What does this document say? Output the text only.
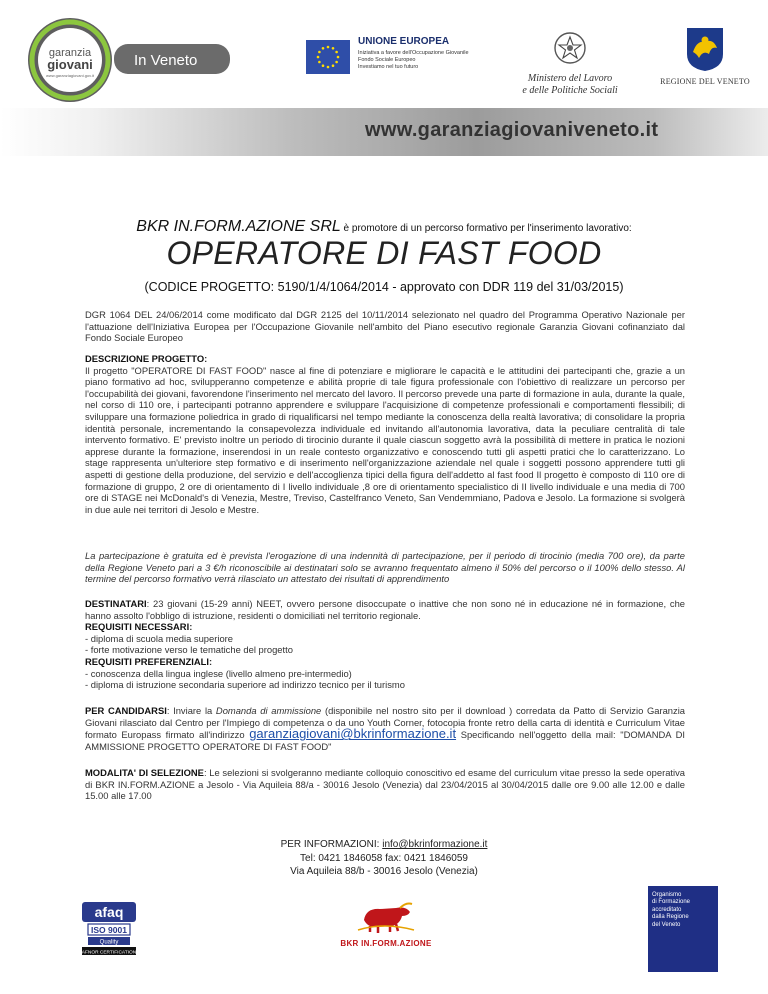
garanzia
giovani
www.garanziagiovani.gov.it
In Veneto
UNIONE EUROPEA
Iniziativa a favore dell'Occupazione Giovanile
Fondo Sociale Europeo
Investiamo nel tuo futuro
Ministero del Lavoro
e delle Politiche Sociali
REGIONE DEL VENETO
www.garanziagiovaniveneto.it
BKR IN.FORM.AZIONE SRL è promotore di un percorso formativo per l'inserimento lavorativo:
OPERATORE DI FAST FOOD
(CODICE PROGETTO: 5190/1/4/1064/2014 - approvato con DDR 119 del 31/03/2015)
DGR 1064 DEL 24/06/2014 come modificato dal DGR 2125 del 10/11/2014 selezionato nel quadro del Programma Operativo Nazionale per l'attuazione dell'Iniziativa Europea per l'Occupazione Giovanile nell'ambito del Piano esecutivo regionale Garanzia Giovani cofinanziato dal Fondo Sociale Europeo
DESCRIZIONE PROGETTO:
Il progetto "OPERATORE DI FAST FOOD" nasce al fine di potenziare e migliorare le capacità e le attitudini dei partecipanti che, grazie a un piano formativo ad hoc, svilupperanno competenze e abilità proprie di tale figura professionale con l'obiettivo di realizzare un percorso per l'occupabilità dei giovani, favorendone l'inserimento nel mercato del lavoro. Il percorso prevede una parte di formazione in aula, durante la quale, nel corso di 110 ore, i partecipanti potranno apprendere e sviluppare l'acquisizione di competenze professionali e comportamenti flessibili; di sviluppare una formazione poliedrica in grado di riqualificarsi nel tempo mediante la conoscenza della realtà lavorativa; di consolidare la propria identità personale, incrementando la consapevolezza individuale ed invitando all'autonomia lavorativa, data la peculiare centralità di tale intervento formativo. E' previsto inoltre un periodo di tirocinio durante il quale ciascun soggetto avrà la possibilità di mettere in pratica le nozioni apprese durante la formazione, inserendosi in un reale contesto organizzativo e conoscendo tutti gli aspetti pratici che lo caratterizzano. Lo stage rappresenta un'ulteriore step formativo e di inserimento nell'organizzazione aziendale nel quale i soggetti possono apprendere tutti gli aspetti di gestione della produzione, del servizio e dell'accoglienza tipici della figura dell'addetto al fast food Il progetto è composto di 110 ore di formazione di gruppo, 2 ore di orientamento di I livello individuale ,8 ore di orientamento specialistico di II livello individuale e una media di 700 ore di STAGE nei McDonald's di Venezia, Mestre, Treviso, Castelfranco Veneto, San Vendemmiano, Padova e Jesolo. La formazione si svolgerà in due aule nei territori di Jesolo e Mestre.
La partecipazione è gratuita ed è prevista l'erogazione di una indennità di partecipazione, per il periodo di tirocinio (media 700 ore), da parte della Regione Veneto pari a 3 €/h riconoscibile ai destinatari solo se avranno frequentato almeno il 50% del percorso o il 100% dello stesso. Al termine del percorso formativo verrà rilasciato un attestato dei risultati di apprendimento
DESTINATARI: 23 giovani (15-29 anni) NEET, ovvero persone disoccupate o inattive che non sono né in educazione né in formazione, che hanno assolto l'obbligo di istruzione, residenti o domiciliati nel territorio regionale.
REQUISITI NECESSARI:
- diploma di scuola media superiore
- forte motivazione verso le tematiche del progetto
REQUISITI PREFERENZIALI:
- conoscenza della lingua inglese (livello almeno pre-intermedio)
- diploma di istruzione secondaria superiore ad indirizzo tecnico per il turismo
PER CANDIDARSI: Inviare la Domanda di ammissione (disponibile nel nostro sito per il download ) corredata da Patto di Servizio Garanzia Giovani rilasciato dal Centro per l'Impiego di competenza o da uno Youth Corner, fotocopia fronte retro della carta di identità e Curriculum Vitae formato Europass firmato all'indirizzo garanziagiovani@bkrinformazione.it Specificando nell'oggetto della mail: "DOMANDA DI AMMISSIONE PROGETTO OPERATORE DI FAST FOOD"
MODALITA' DI SELEZIONE: Le selezioni si svolgeranno mediante colloquio conoscitivo ed esame del curriculum vitae presso la sede operativa di BKR IN.FORM.AZIONE a Jesolo - Via Aquileia 88/a - 30016 Jesolo (Venezia) dal 23/04/2015 al 30/04/2015 dalle ore 9.00 alle 12.00 e dalle 15.00 alle 17.00
PER INFORMAZIONI: info@bkrinformazione.it
Tel: 0421 1846058 fax: 0421 1846059
Via Aquileia 88/b - 30016 Jesolo (Venezia)
afaq
ISO 9001
Quality
AFNOR CERTIFICATION
BKR IN.FORM.AZIONE
Organismo
di Formazione
accreditato
dalla Regione
del Veneto
